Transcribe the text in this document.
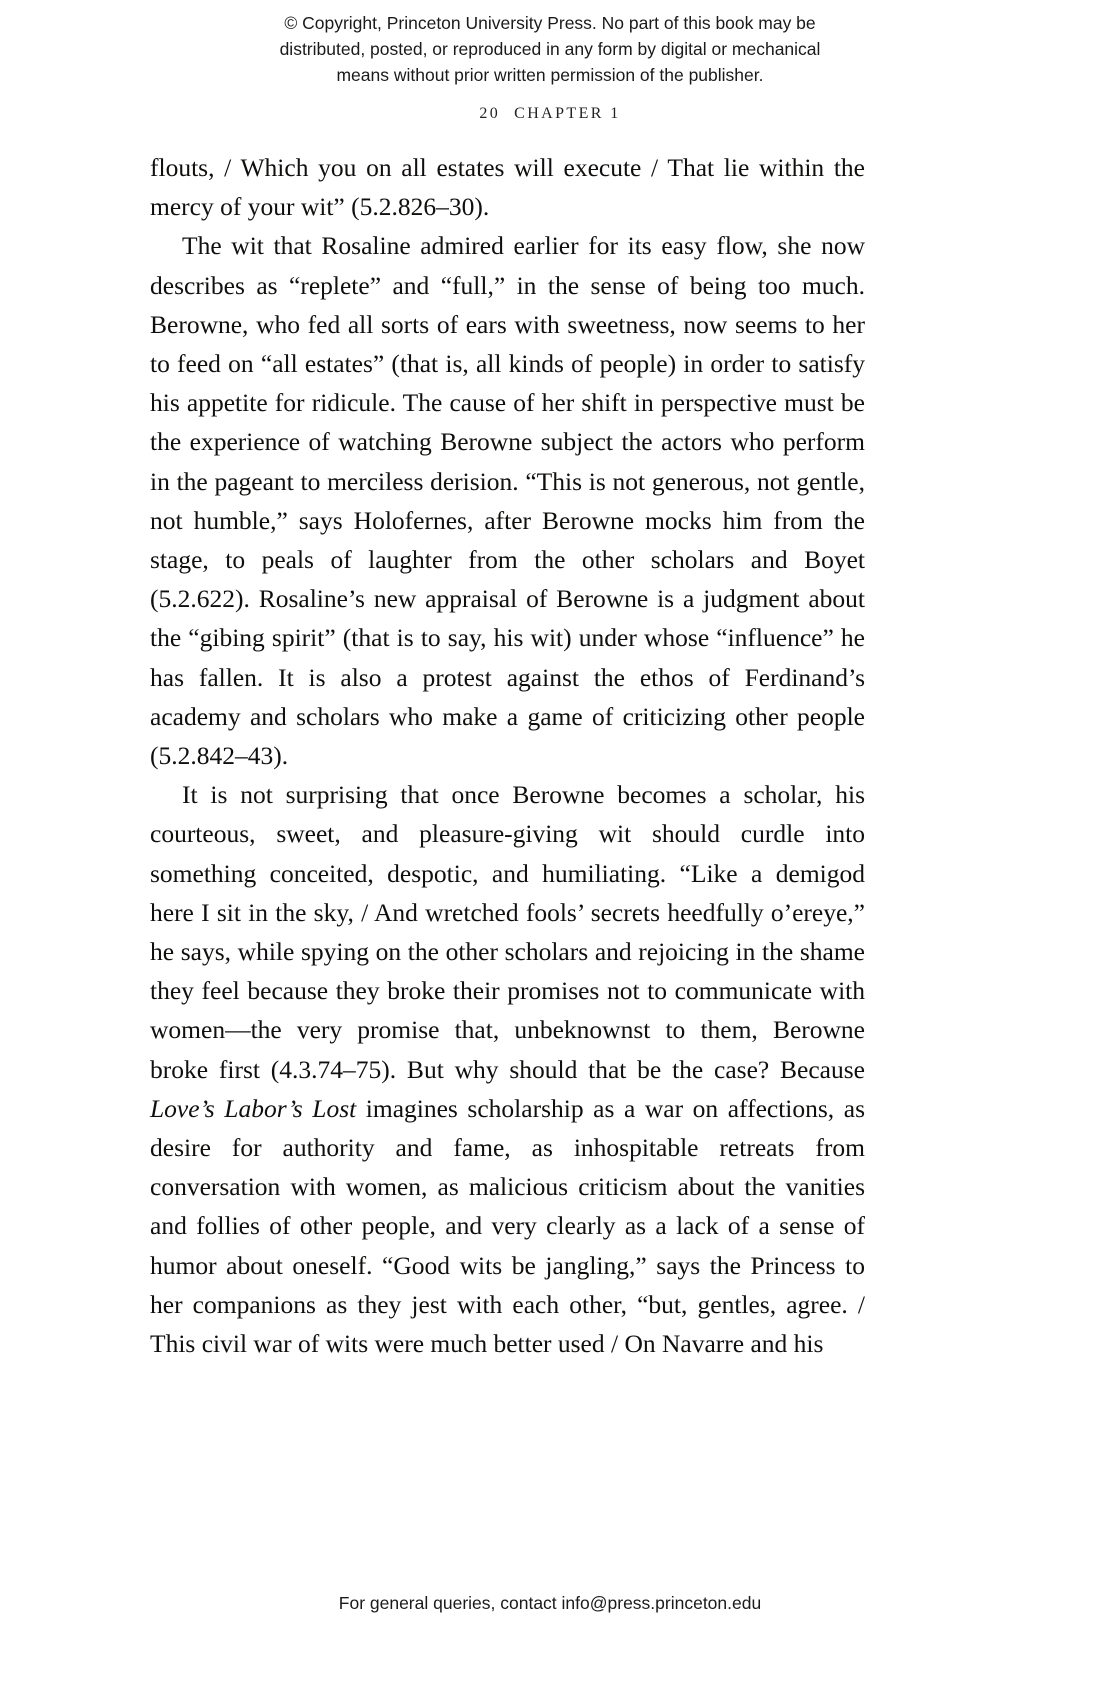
© Copyright, Princeton University Press. No part of this book may be
distributed, posted, or reproduced in any form by digital or mechanical
means without prior written permission of the publisher.
20 CHAPTER 1

flouts, / Which you on all estates will execute / That lie within the mercy of your wit” (5.2.826–30).

The wit that Rosaline admired earlier for its easy flow, she now describes as “replete” and “full,” in the sense of being too much. Berowne, who fed all sorts of ears with sweetness, now seems to her to feed on “all estates” (that is, all kinds of people) in order to satisfy his appetite for ridicule. The cause of her shift in perspective must be the experience of watching Berowne subject the actors who perform in the pageant to merciless derision. “This is not generous, not gentle, not humble,” says Holofernes, after Berowne mocks him from the stage, to peals of laughter from the other scholars and Boyet (5.2.622). Rosaline’s new appraisal of Berowne is a judgment about the “gibing spirit” (that is to say, his wit) under whose “influence” he has fallen. It is also a protest against the ethos of Ferdinand’s academy and scholars who make a game of criticizing other people (5.2.842–43).

It is not surprising that once Berowne becomes a scholar, his courteous, sweet, and pleasure-giving wit should curdle into something conceited, despotic, and humiliating. “Like a demigod here I sit in the sky, / And wretched fools’ secrets heedfully o’ereye,” he says, while spying on the other scholars and rejoicing in the shame they feel because they broke their promises not to communicate with women—the very promise that, unbeknownst to them, Berowne broke first (4.3.74–75). But why should that be the case? Because Love’s Labor’s Lost imagines scholarship as a war on affections, as desire for authority and fame, as inhospitable retreats from conversation with women, as malicious criticism about the vanities and follies of other people, and very clearly as a lack of a sense of humor about oneself. “Good wits be jangling,” says the Princess to her companions as they jest with each other, “but, gentles, agree. / This civil war of wits were much better used / On Navarre and his

For general queries, contact info@press.princeton.edu
